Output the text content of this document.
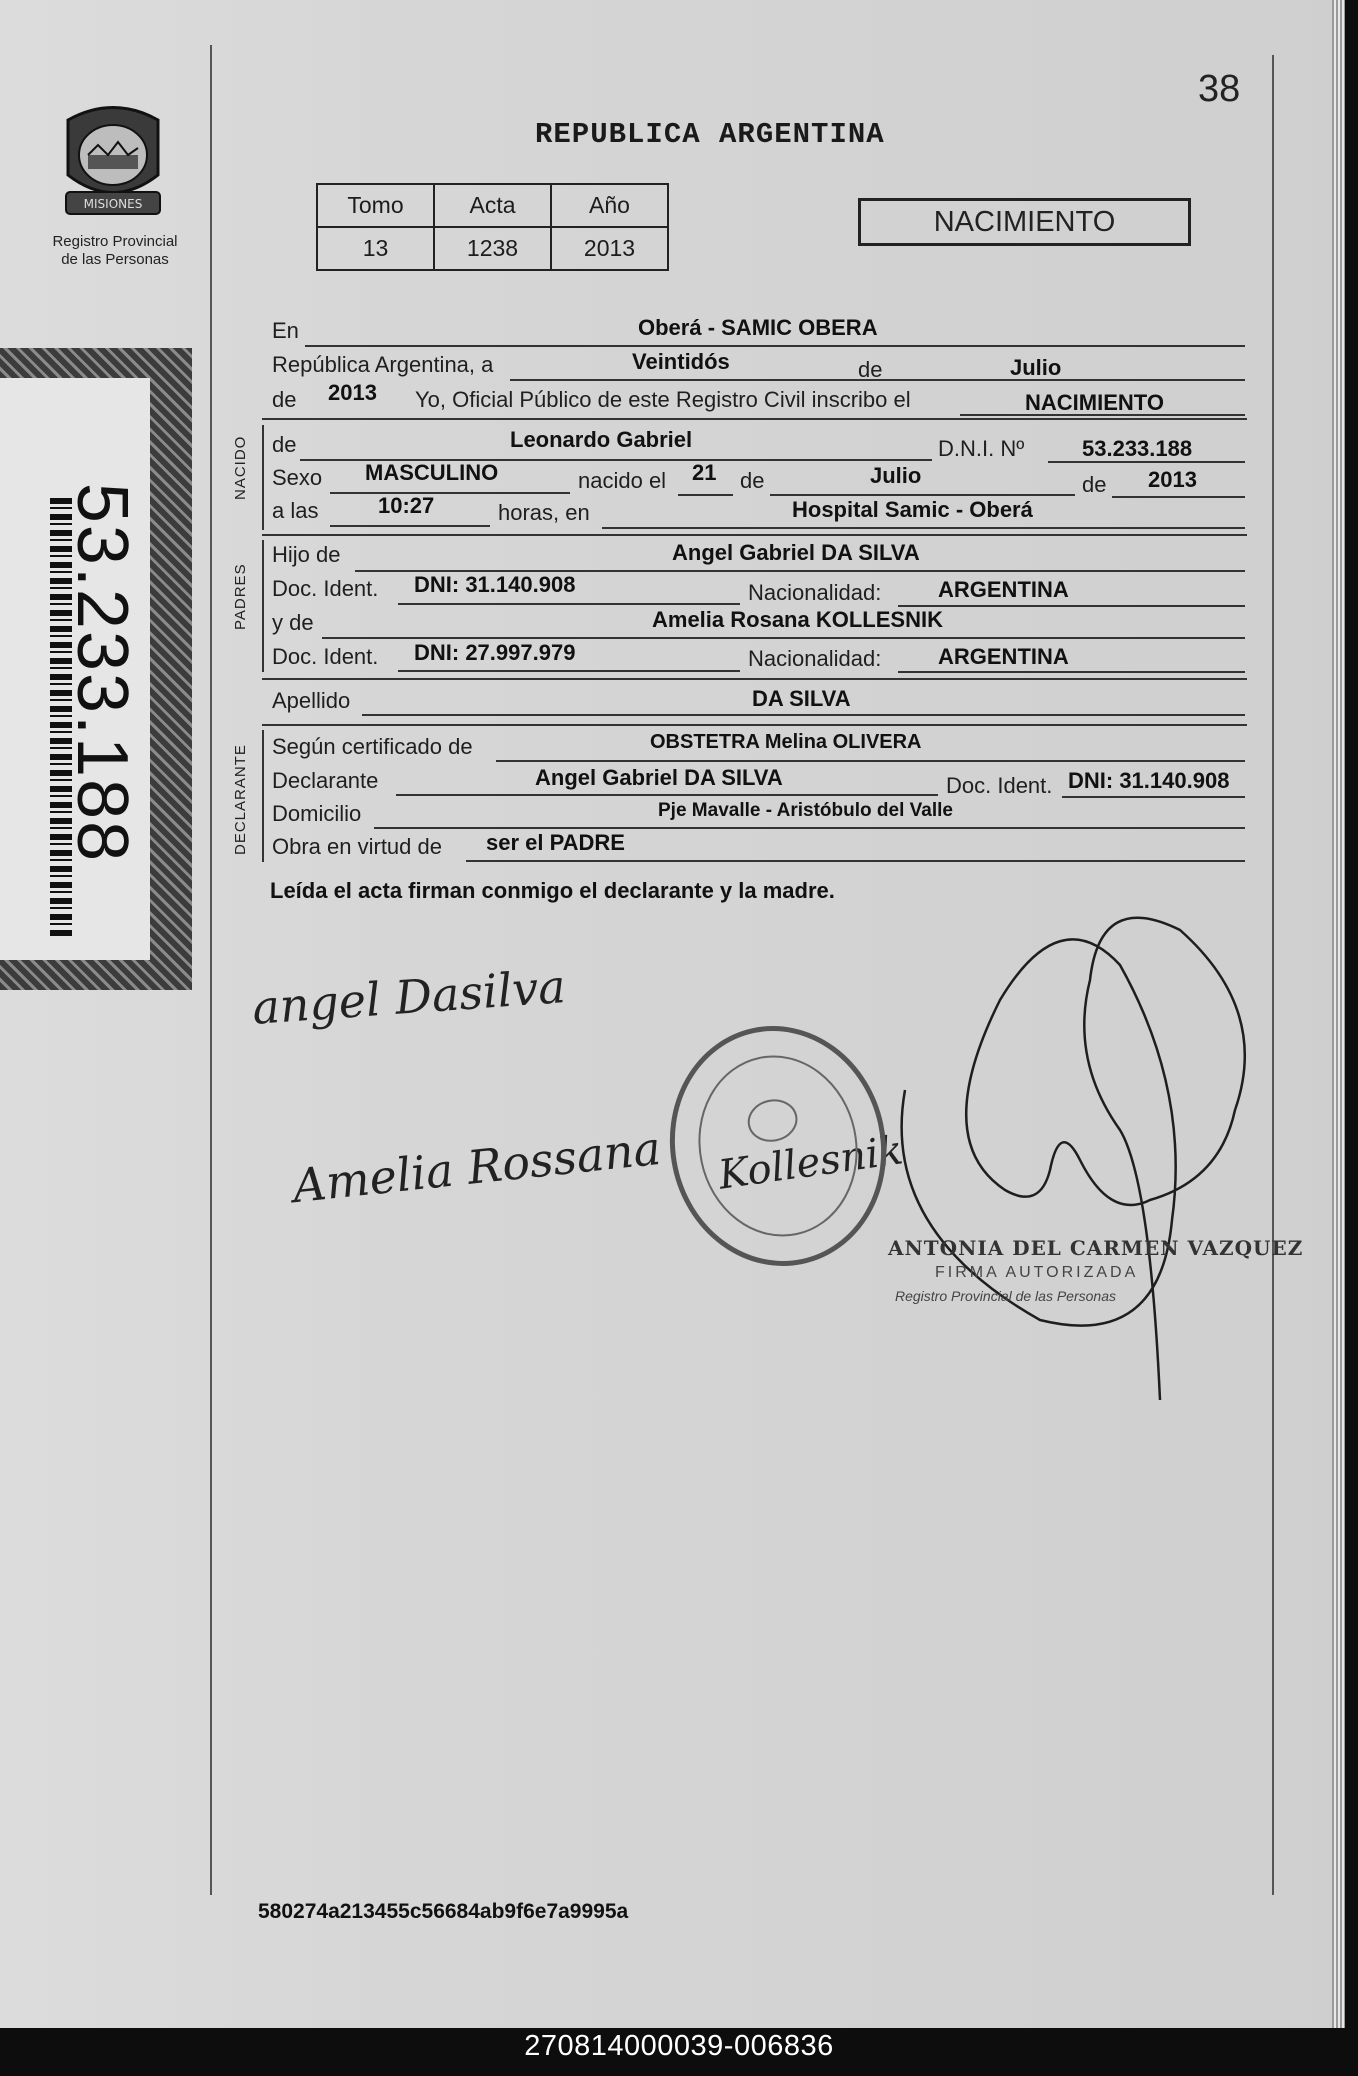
38
REPUBLICA ARGENTINA
MISIONES
Registro Provincial
de las Personas
Tomo	Acta	Año
13	1238	2013
NACIMIENTO
53.233.188
En	Oberá - SAMIC OBERA
República Argentina, a	Veintidós	de	Julio
de 2013 Yo, Oficial Público de este Registro Civil inscribo el	NACIMIENTO
NACIDO de	Leonardo Gabriel	D.N.I. Nº	53.233.188
Sexo MASCULINO	nacido el 21 de	Julio	de 2013
a las	10:27	horas, en	Hospital Samic - Oberá
PADRES
Hijo de	Angel Gabriel DA SILVA
Doc. Ident. DNI: 31.140.908	Nacionalidad:	ARGENTINA
y de	Amelia Rosana KOLLESNIK
Doc. Ident. DNI: 27.997.979	Nacionalidad:	ARGENTINA
Apellido	DA SILVA
DECLARANTE Según certificado de	OBSTETRA Melina OLIVERA
Declarante	Angel Gabriel DA SILVA	Doc. Ident. DNI: 31.140.908
Domicilio	Pje Mavalle - Aristóbulo del Valle
Obra en virtud de ser el PADRE
Leída el acta firman conmigo el declarante y la madre.
angel Dasilva
Amelia Rossana Kollesnik
ANTONIA DEL CARMEN VAZQUEZ
FIRMA AUTORIZADA
Registro Provincial de las Personas
580274a213455c56684ab9f6e7a9995a
270814000039-006836
